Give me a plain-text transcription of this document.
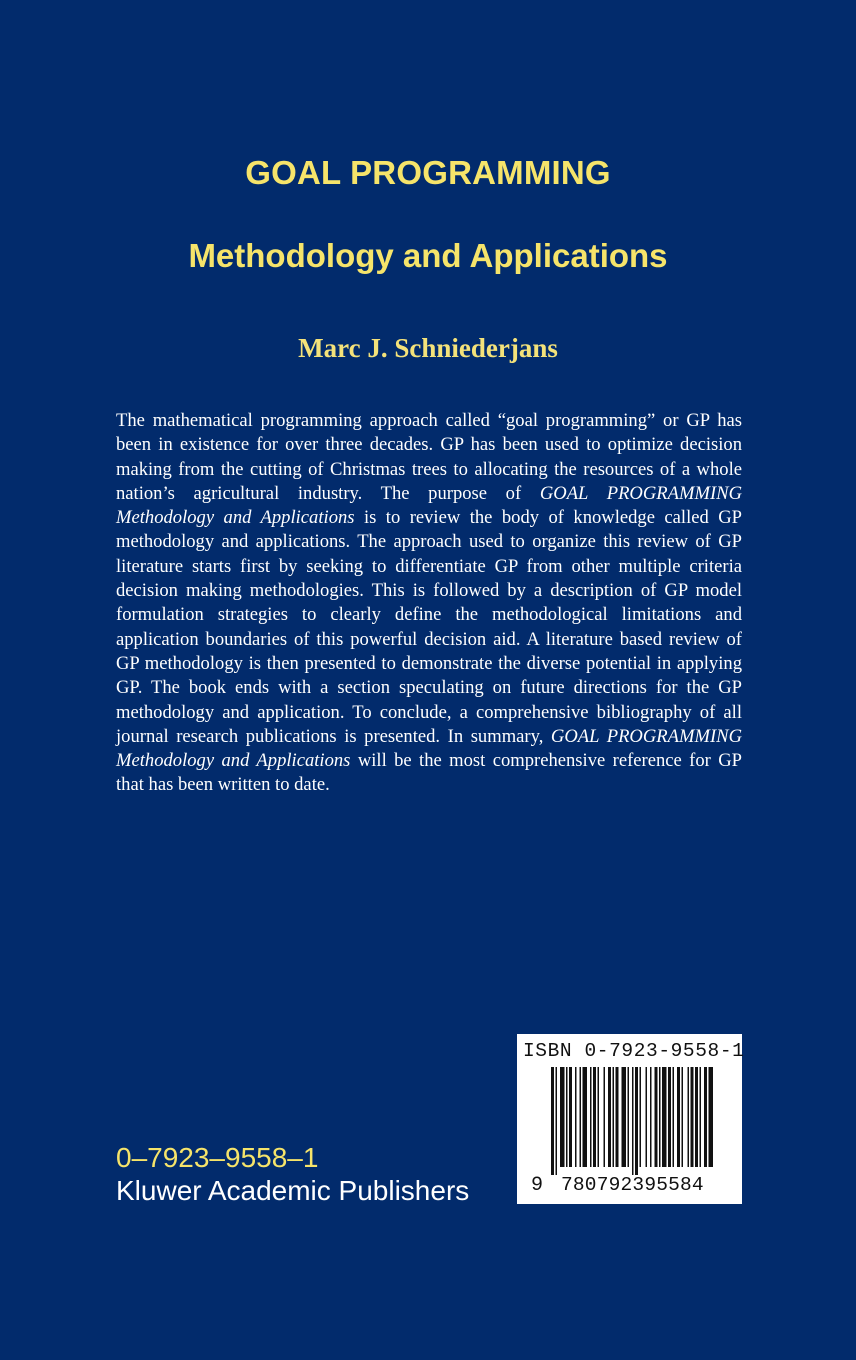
GOAL PROGRAMMING
Methodology and Applications
Marc J. Schniederjans

The mathematical programming approach called “goal programming” or GP has been in existence for over three decades. GP has been used to optimize decision making from the cutting of Christmas trees to allocating the resources of a whole nation’s agricultural industry. The purpose of GOAL PROGRAMMING Methodology and Applications is to review the body of knowledge called GP methodology and applications. The approach used to organize this review of GP literature starts first by seeking to differentiate GP from other multiple criteria decision making methodologies. This is followed by a description of GP model formulation strategies to clearly define the methodological limitations and application boundaries of this powerful decision aid. A literature based review of GP methodology is then presented to demonstrate the diverse potential in applying GP. The book ends with a section speculating on future directions for the GP methodology and application. To conclude, a comprehensive bibliography of all journal research publications is presented. In summary, GOAL PROGRAMMING Methodology and Applications will be the most comprehensive reference for GP that has been written to date.

0–7923–9558–1
Kluwer Academic Publishers
ISBN 0-7923-9558-1
9 780792395584
